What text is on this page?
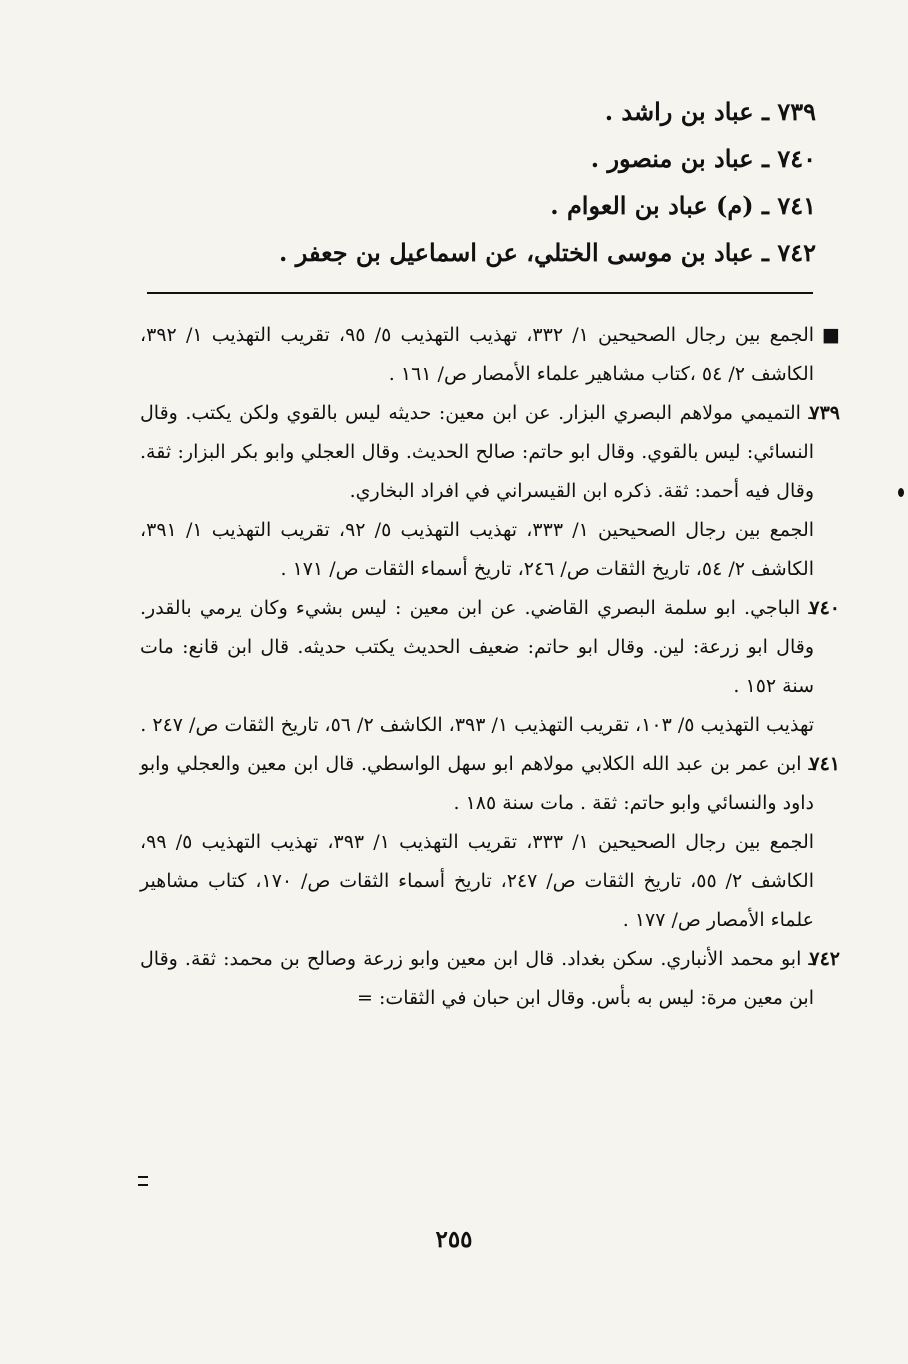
٧٣٩ ـ عباد بن راشد .
٧٤٠ ـ عباد بن منصور .
٧٤١ ـ (م) عباد بن العوام .
٧٤٢ ـ عباد بن موسى الختلي، عن اسماعيل بن جعفر .
■

الجمع بين رجال الصحيحين ١/ ٣٣٢، تهذيب التهذيب ٥/ ٩٥، تقريب التهذيب ١/ ٣٩٢، الكاشف ٢/ ٥٤ ،كتاب مشاهير علماء الأمصار ص/ ١٦١ .

٧٣٩

ـ التميمي مولاهم البصري البزار. عن ابن معين: حديثه ليس بالقوي ولكن يكتب. وقال النسائي: ليس بالقوي. وقال ابو حاتم: صالح الحديث. وقال العجلي وابو بكر البزار: ثقة. وقال فيه أحمد: ثقة. ذكره ابن القيسراني في افراد البخاري.

الجمع بين رجال الصحيحين ١/ ٣٣٣، تهذيب التهذيب ٥/ ٩٢، تقريب التهذيب ١/ ٣٩١، الكاشف ٢/ ٥٤، تاريخ الثقات ص/ ٢٤٦، تاريخ أسماء الثقات ص/ ١٧١ .

٧٤٠

ـ الباجي. ابو سلمة البصري القاضي. عن ابن معين : ليس بشيء وكان يرمي بالقدر. وقال ابو زرعة: لين. وقال ابو حاتم: ضعيف الحديث يكتب حديثه. قال ابن قانع: مات سنة ١٥٢ .

تهذيب التهذيب ٥/ ١٠٣، تقريب التهذيب ١/ ٣٩٣، الكاشف ٢/ ٥٦، تاريخ الثقات ص/ ٢٤٧ .

٧٤١

ـ ابن عمر بن عبد الله الكلابي مولاهم ابو سهل الواسطي. قال ابن معين والعجلي وابو داود والنسائي وابو حاتم: ثقة . مات سنة ١٨٥ .

الجمع بين رجال الصحيحين ١/ ٣٣٣، تقريب التهذيب ١/ ٣٩٣، تهذيب التهذيب ٥/ ٩٩، الكاشف ٢/ ٥٥، تاريخ الثقات ص/ ٢٤٧، تاريخ أسماء الثقات ص/ ١٧٠، كتاب مشاهير علماء الأمصار ص/ ١٧٧ .

٧٤٢

ـ ابو محمد الأنباري. سكن بغداد. قال ابن معين وابو زرعة وصالح بن محمد: ثقة. وقال ابن معين مرة: ليس به بأس. وقال ابن حبان في الثقات: =

٢٥٥
